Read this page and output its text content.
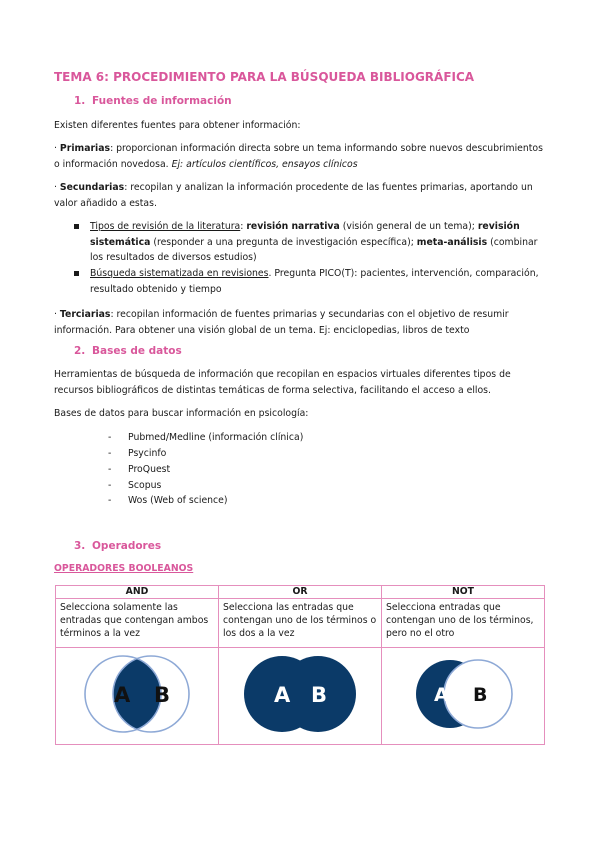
TEMA 6: PROCEDIMIENTO PARA LA BÚSQUEDA BIBLIOGRÁFICA
1. Fuentes de información
Existen diferentes fuentes para obtener información:
· Primarias: proporcionan información directa sobre un tema informando sobre nuevos descubrimientos o información novedosa. Ej: artículos científicos, ensayos clínicos
· Secundarias: recopilan y analizan la información procedente de las fuentes primarias, aportando un valor añadido a estas.
Tipos de revisión de la literatura: revisión narrativa (visión general de un tema); revisión sistemática (responder a una pregunta de investigación específica); meta-análisis (combinar los resultados de diversos estudios)
Búsqueda sistematizada en revisiones. Pregunta PICO(T): pacientes, intervención, comparación, resultado obtenido y tiempo
· Terciarias: recopilan información de fuentes primarias y secundarias con el objetivo de resumir información. Para obtener una visión global de un tema. Ej: enciclopedias, libros de texto
2. Bases de datos
Herramientas de búsqueda de información que recopilan en espacios virtuales diferentes tipos de recursos bibliográficos de distintas temáticas de forma selectiva, facilitando el acceso a ellos.
Bases de datos para buscar información en psicología:
- Pubmed/Medline (información clínica)
- Psycinfo
- ProQuest
- Scopus
- Wos (Web of science)
3. Operadores
OPERADORES BOOLEANOS
AND	OR	NOT
Selecciona solamente las entradas que contengan ambos términos a la vez	Selecciona las entradas que contengan uno de los términos o los dos a la vez	Selecciona entradas que contengan uno de los términos, pero no el otro

A B	A B	A B
